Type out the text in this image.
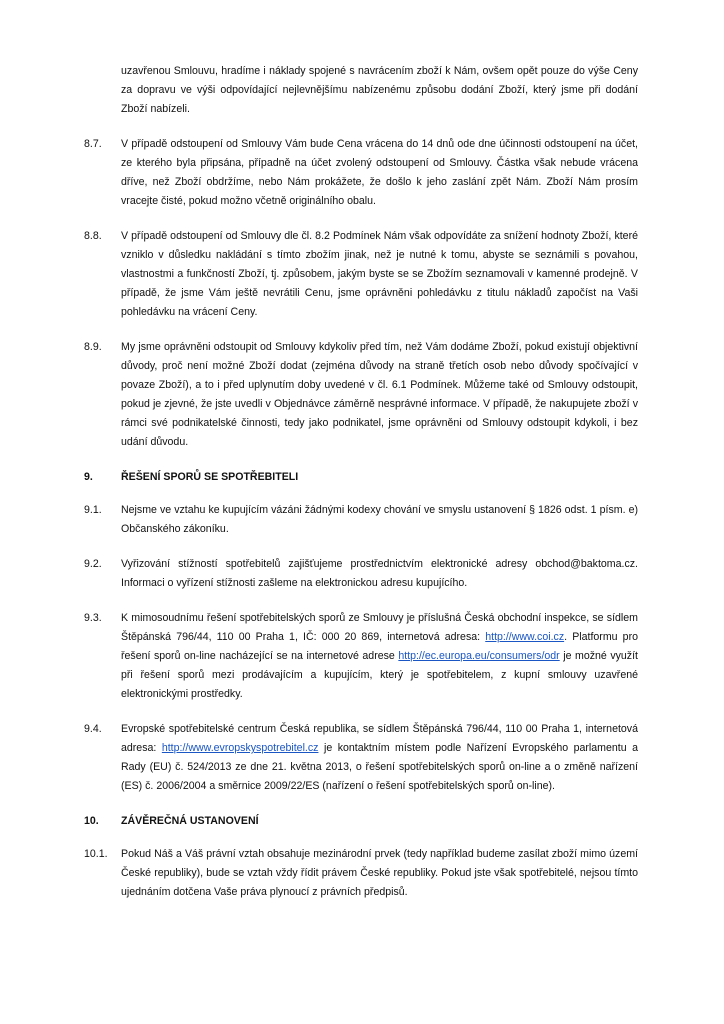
uzavřenou Smlouvu, hradíme i náklady spojené s navrácením zboží k Nám, ovšem opět pouze do výše Ceny za dopravu ve výši odpovídající nejlevnějšímu nabízenému způsobu dodání Zboží, který jsme při dodání Zboží nabízeli.
8.7.	V případě odstoupení od Smlouvy Vám bude Cena vrácena do 14 dnů ode dne účinnosti odstoupení na účet, ze kterého byla připsána, případně na účet zvolený odstoupení od Smlouvy. Částka však nebude vrácena dříve, než Zboží obdržíme, nebo Nám prokážete, že došlo k jeho zaslání zpět Nám. Zboží Nám prosím vracejte čisté, pokud možno včetně originálního obalu.
8.8.	V případě odstoupení od Smlouvy dle čl. 8.2 Podmínek Nám však odpovídáte za snížení hodnoty Zboží, které vzniklo v důsledku nakládání s tímto zbožím jinak, než je nutné k tomu, abyste se seznámili s povahou, vlastnostmi a funkčností Zboží, tj. způsobem, jakým byste se se Zbožím seznamovali v kamenné prodejně. V případě, že jsme Vám ještě nevrátili Cenu, jsme oprávněni pohledávku z titulu nákladů započíst na Vaši pohledávku na vrácení Ceny.
8.9.	My jsme oprávněni odstoupit od Smlouvy kdykoliv před tím, než Vám dodáme Zboží, pokud existují objektivní důvody, proč není možné Zboží dodat (zejména důvody na straně třetích osob nebo důvody spočívající v povaze Zboží), a to i před uplynutím doby uvedené v čl. 6.1 Podmínek. Můžeme také od Smlouvy odstoupit, pokud je zjevné, že jste uvedli v Objednávce záměrně nesprávné informace. V případě, že nakupujete zboží v rámci své podnikatelské činnosti, tedy jako podnikatel, jsme oprávněni od Smlouvy odstoupit kdykoli, i bez udání důvodu.
9.	ŘEŠENÍ SPORŮ SE SPOTŘEBITELI
9.1.	Nejsme ve vztahu ke kupujícím vázáni žádnými kodexy chování ve smyslu ustanovení § 1826 odst. 1 písm. e) Občanského zákoníku.
9.2.	Vyřizování stížností spotřebitelů zajišťujeme prostřednictvím elektronické adresy obchod@baktoma.cz. Informaci o vyřízení stížnosti zašleme na elektronickou adresu kupujícího.
9.3.	K mimosoudnímu řešení spotřebitelských sporů ze Smlouvy je příslušná Česká obchodní inspekce, se sídlem Štěpánská 796/44, 110 00 Praha 1, IČ: 000 20 869, internetová adresa: http://www.coi.cz. Platformu pro řešení sporů on-line nacházející se na internetové adrese http://ec.europa.eu/consumers/odr je možné využít při řešení sporů mezi prodávajícím a kupujícím, který je spotřebitelem, z kupní smlouvy uzavřené elektronickými prostředky.
9.4.	Evropské spotřebitelské centrum Česká republika, se sídlem Štěpánská 796/44, 110 00 Praha 1, internetová adresa: http://www.evropskyspotrebitel.cz je kontaktním místem podle Nařízení Evropského parlamentu a Rady (EU) č. 524/2013 ze dne 21. května 2013, o řešení spotřebitelských sporů on-line a o změně nařízení (ES) č. 2006/2004 a směrnice 2009/22/ES (nařízení o řešení spotřebitelských sporů on-line).
10.	ZÁVĚREČNÁ USTANOVENÍ
10.1.	Pokud Náš a Váš právní vztah obsahuje mezinárodní prvek (tedy například budeme zasílat zboží mimo území České republiky), bude se vztah vždy řídit právem České republiky. Pokud jste však spotřebitelé, nejsou tímto ujednáním dotčena Vaše práva plynoucí z právních předpisů.
